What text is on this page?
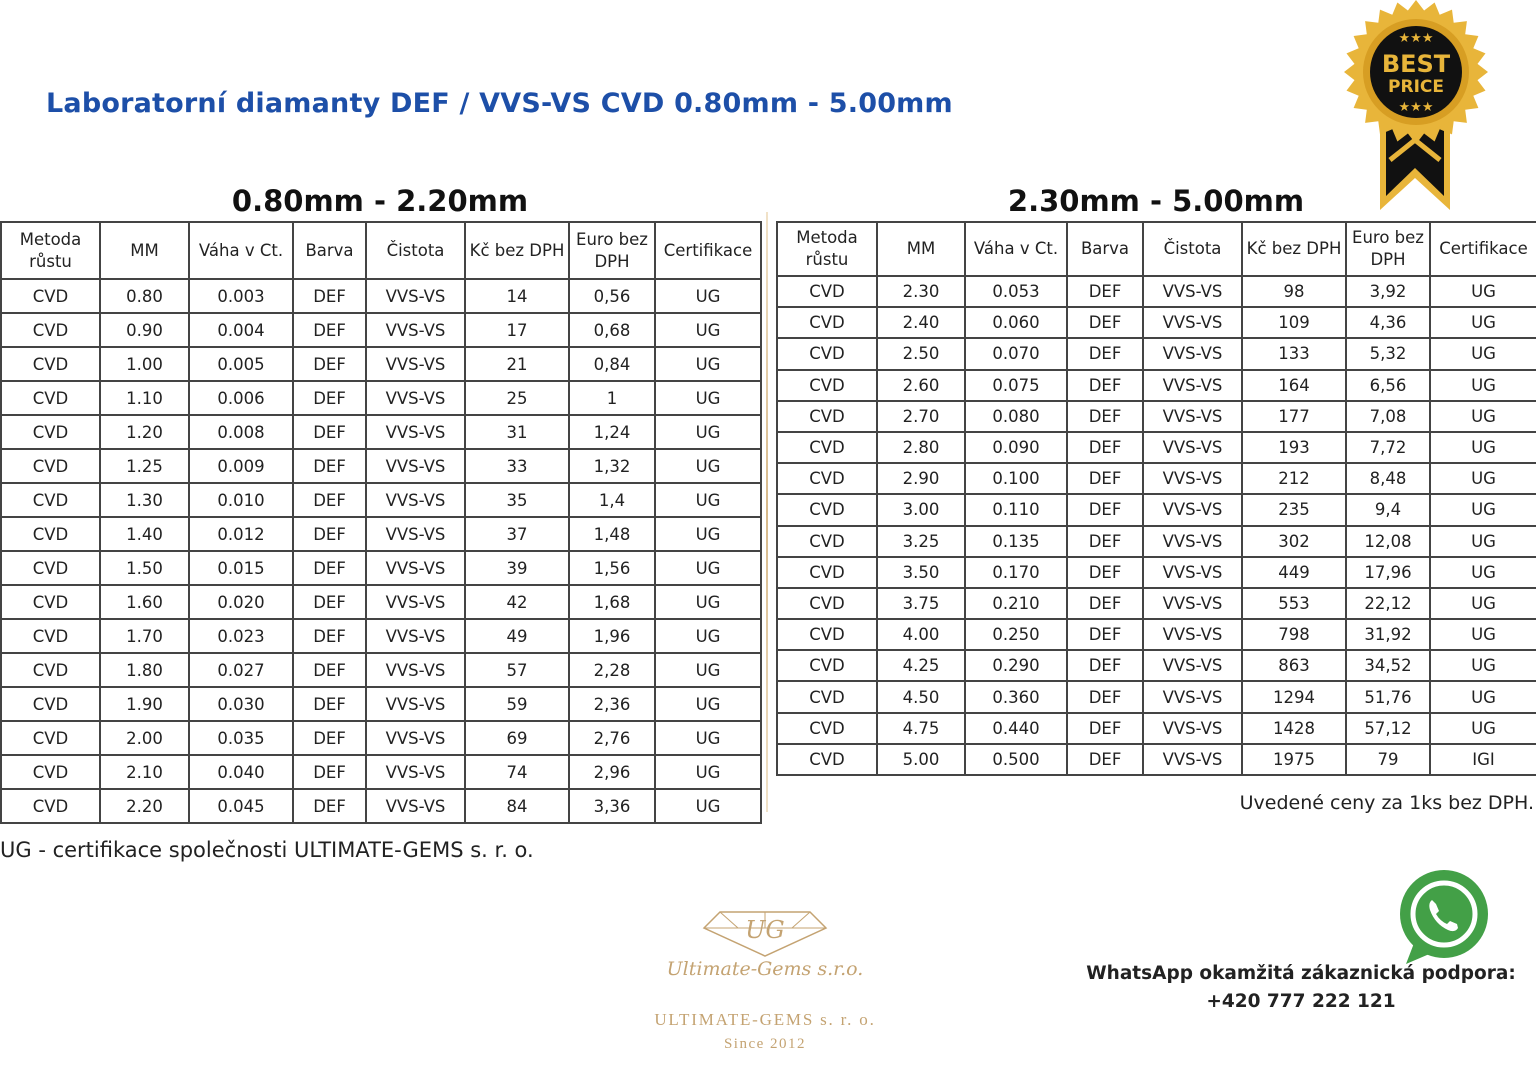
Laboratorní diamanty DEF / VVS-VS CVD 0.80mm - 5.00mm
★★★
BEST
PRICE
★★★
0.80mm - 2.20mm	2.30mm - 5.00mm
Metoda růstu	MM	Váha v Ct.	Barva	Čistota	Kč bez DPH	Euro bez DPH	Certifikace
CVD	0.80	0.003	DEF	VVS-VS	14	0,56	UG
CVD	0.90	0.004	DEF	VVS-VS	17	0,68	UG
CVD	1.00	0.005	DEF	VVS-VS	21	0,84	UG
CVD	1.10	0.006	DEF	VVS-VS	25	1	UG
CVD	1.20	0.008	DEF	VVS-VS	31	1,24	UG
CVD	1.25	0.009	DEF	VVS-VS	33	1,32	UG
CVD	1.30	0.010	DEF	VVS-VS	35	1,4	UG
CVD	1.40	0.012	DEF	VVS-VS	37	1,48	UG
CVD	1.50	0.015	DEF	VVS-VS	39	1,56	UG
CVD	1.60	0.020	DEF	VVS-VS	42	1,68	UG
CVD	1.70	0.023	DEF	VVS-VS	49	1,96	UG
CVD	1.80	0.027	DEF	VVS-VS	57	2,28	UG
CVD	1.90	0.030	DEF	VVS-VS	59	2,36	UG
CVD	2.00	0.035	DEF	VVS-VS	69	2,76	UG
CVD	2.10	0.040	DEF	VVS-VS	74	2,96	UG
CVD	2.20	0.045	DEF	VVS-VS	84	3,36	UG
Metoda růstu	MM	Váha v Ct.	Barva	Čistota	Kč bez DPH	Euro bez DPH	Certifikace
CVD	2.30	0.053	DEF	VVS-VS	98	3,92	UG
CVD	2.40	0.060	DEF	VVS-VS	109	4,36	UG
CVD	2.50	0.070	DEF	VVS-VS	133	5,32	UG
CVD	2.60	0.075	DEF	VVS-VS	164	6,56	UG
CVD	2.70	0.080	DEF	VVS-VS	177	7,08	UG
CVD	2.80	0.090	DEF	VVS-VS	193	7,72	UG
CVD	2.90	0.100	DEF	VVS-VS	212	8,48	UG
CVD	3.00	0.110	DEF	VVS-VS	235	9,4	UG
CVD	3.25	0.135	DEF	VVS-VS	302	12,08	UG
CVD	3.50	0.170	DEF	VVS-VS	449	17,96	UG
CVD	3.75	0.210	DEF	VVS-VS	553	22,12	UG
CVD	4.00	0.250	DEF	VVS-VS	798	31,92	UG
CVD	4.25	0.290	DEF	VVS-VS	863	34,52	UG
CVD	4.50	0.360	DEF	VVS-VS	1294	51,76	UG
CVD	4.75	0.440	DEF	VVS-VS	1428	57,12	UG
CVD	5.00	0.500	DEF	VVS-VS	1975	79	IGI
Uvedené ceny za 1ks bez DPH.
UG - certifikace společnosti ULTIMATE-GEMS s. r. o.
UG
Ultimate-Gems s.r.o.
ULTIMATE-GEMS s. r. o.
Since 2012
WhatsApp okamžitá zákaznická podpora:
+420 777 222 121
